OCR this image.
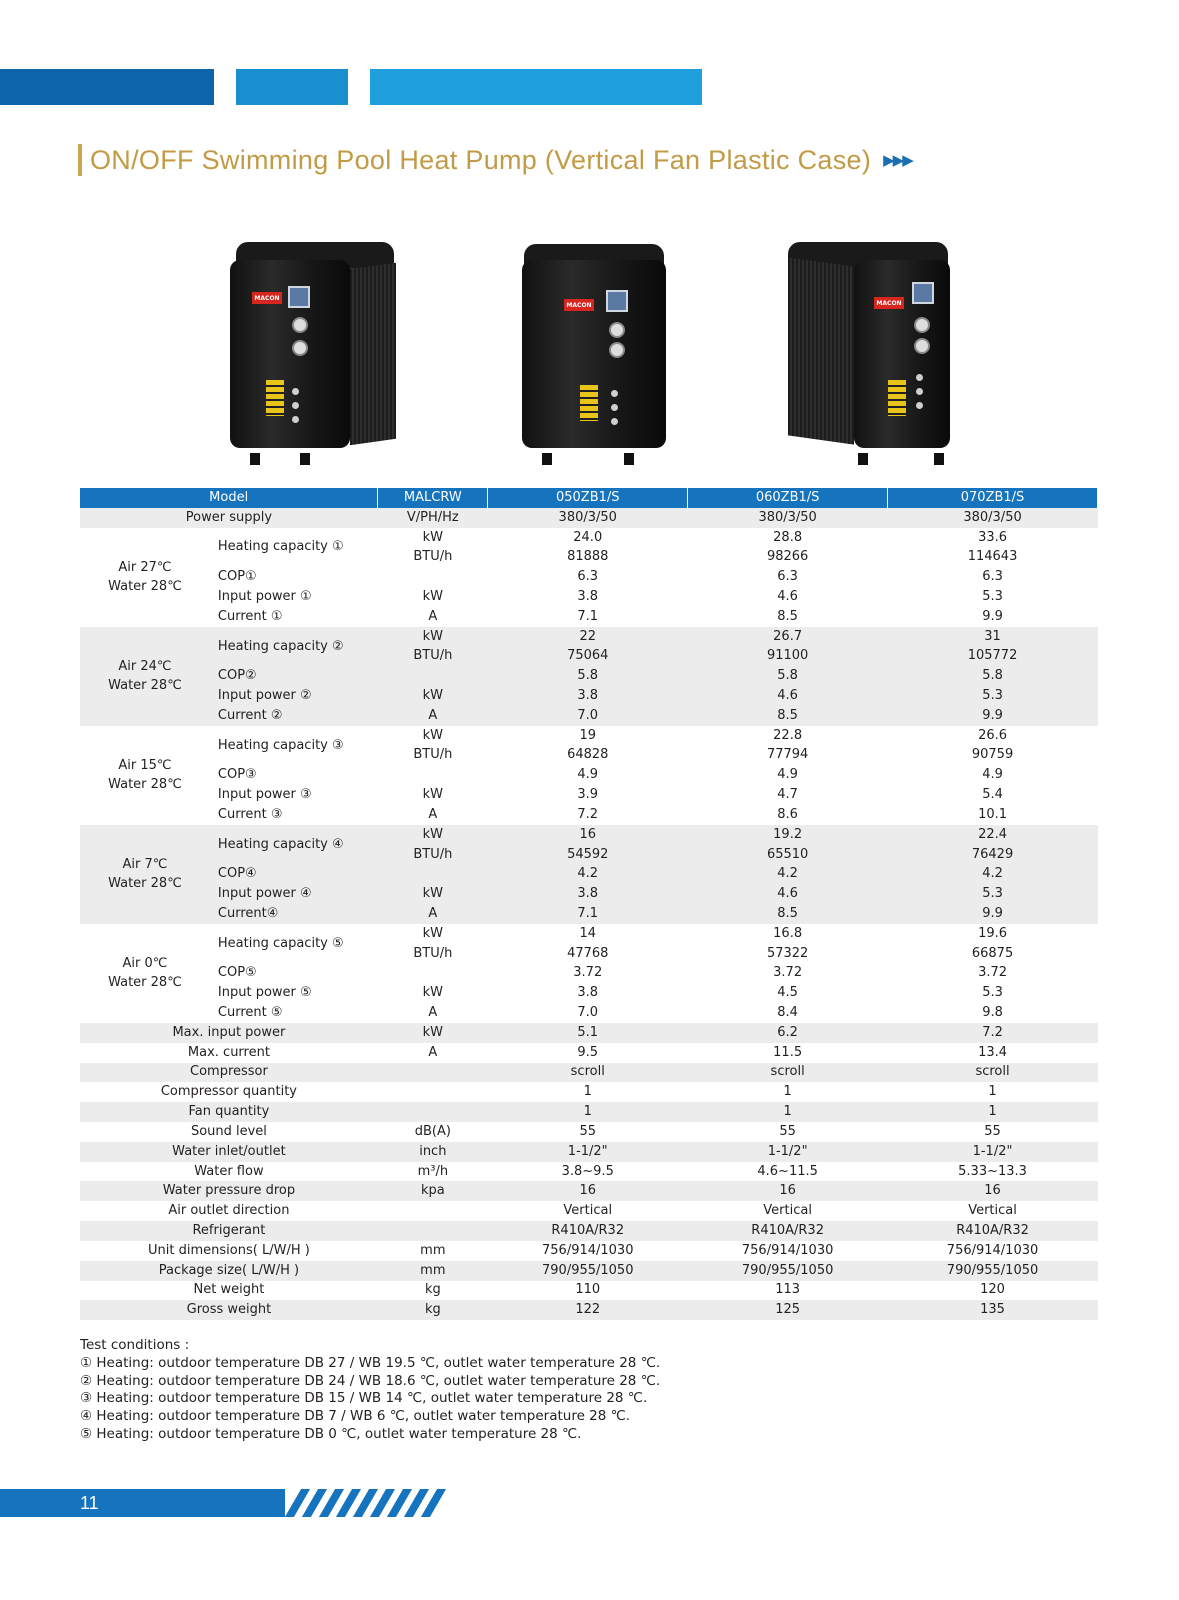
ON/OFF Swimming Pool Heat Pump (Vertical Fan Plastic Case) ▶▶▶
MACON
MACON	MACON
Model		MALCRW	050ZB1/S	060ZB1/S	070ZB1/S
Power supply		V/PH/Hz	380/3/50	380/3/50	380/3/50

Air 27℃
Water 28℃	Heating capacity ①	kW	24.0	28.8	33.6
		BTU/h	81888	98266	114643
	COP①		6.3	6.3	6.3
	Input power ①	kW	3.8	4.6	5.3
	Current ①	A	7.1	8.5	9.9

Air 24℃
Water 28℃	Heating capacity ②	kW	22	26.7	31
		BTU/h	75064	91100	105772
	COP②		5.8	5.8	5.8
	Input power ②	kW	3.8	4.6	5.3
	Current ②	A	7.0	8.5	9.9

Air 15℃
Water 28℃	Heating capacity ③	kW	19	22.8	26.6
		BTU/h	64828	77794	90759
	COP③		4.9	4.9	4.9
	Input power ③	kW	3.9	4.7	5.4
	Current ③	A	7.2	8.6	10.1

Air 7℃
Water 28℃	Heating capacity ④	kW	16	19.2	22.4
		BTU/h	54592	65510	76429
	COP④		4.2	4.2	4.2
	Input power ④	kW	3.8	4.6	5.3
	Current④	A	7.1	8.5	9.9

Air 0℃
Water 28℃	Heating capacity ⑤	kW	14	16.8	19.6
		BTU/h	47768	57322	66875
	COP⑤		3.72	3.72	3.72
	Input power ⑤	kW	3.8	4.5	5.3
	Current ⑤	A	7.0	8.4	9.8
Max. input power		kW	5.1	6.2	7.2
Max. current		A	9.5	11.5	13.4
Compressor			scroll	scroll	scroll
Compressor quantity			1	1	1
Fan quantity			1	1	1
Sound level		dB(A)	55	55	55
Water inlet/outlet		inch	1-1/2"	1-1/2"	1-1/2"
Water flow		m³/h	3.8~9.5	4.6~11.5	5.33~13.3
Water pressure drop		kpa	16	16	16
Air outlet direction			Vertical	Vertical	Vertical
Refrigerant			R410A/R32	R410A/R32	R410A/R32
Unit dimensions( L/W/H )		mm	756/914/1030	756/914/1030	756/914/1030
Package size( L/W/H )		mm	790/955/1050	790/955/1050	790/955/1050
Net weight		kg	110	113	120
Gross weight		kg	122	125	135
Test conditions :
① Heating: outdoor temperature DB 27 / WB 19.5 ℃, outlet water temperature 28 ℃.
② Heating: outdoor temperature DB 24 / WB 18.6 ℃, outlet water temperature 28 ℃.
③ Heating: outdoor temperature DB 15 / WB 14 ℃, outlet water temperature 28 ℃.
④ Heating: outdoor temperature DB 7 / WB 6 ℃, outlet water temperature 28 ℃.
⑤ Heating: outdoor temperature DB 0 ℃, outlet water temperature 28 ℃.
11
